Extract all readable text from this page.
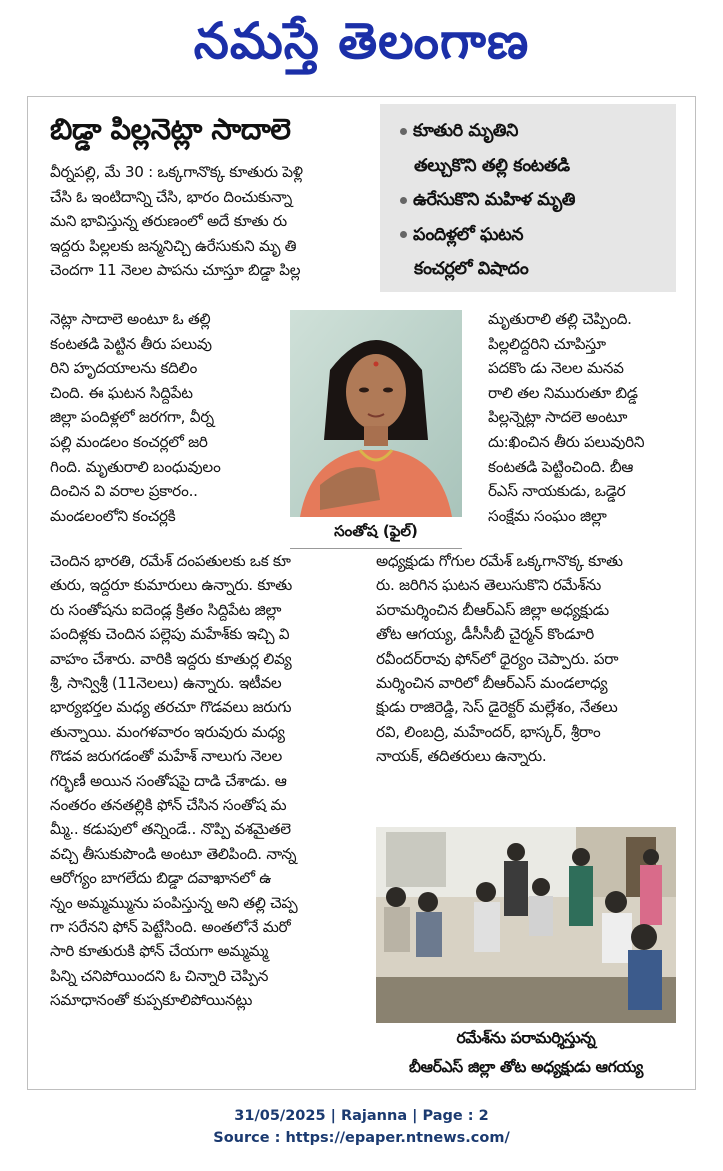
నమస్తే తెలంగాణ
బిడ్డా పిల్లనెట్లా సాదాలె	కూతురి మృతిని
తల్చుకొని తల్లి కంటతడి
ఉరేసుకొని మహిళ మృతి
పందిళ్లలో ఘటన
కంచర్లలో విషాదం
వీర్నపల్లి, మే 30 : ఒక్కగానొక్క కూతురు పెళ్లి
చేసి ఓ ఇంటిదాన్ని చేసి, భారం దించుకున్నా
మని భావిస్తున్న తరుణంలో అదే కూతు రు
ఇద్దరు పిల్లలకు జన్మనిచ్చి ఉరేసుకుని మృ తి
చెందగా 11 నెలల పాపను చూస్తూ బిడ్డా పిల్ల
నెట్లా సాదాలె అంటూ ఓ తల్లి
కంటతడి పెట్టిన తీరు పలువు
రిని హృదయాలను కదిలిం
చింది. ఈ ఘటన సిద్దిపేట
జిల్లా పందిళ్లలో జరగగా, వీర్న
పల్లి మండలం కంచర్లలో జరి
గింది. మృతురాలి బంధువులం
దించిన వి వరాల ప్రకారం..
మండలంలోని కంచర్లకి
చెందిన భారతి, రమేశ్ దంపతులకు ఒక కూ
తురు, ఇద్దరూ కుమారులు ఉన్నారు. కూతు
రు సంతోషను ఐదెండ్ల క్రితం సిద్దిపేట జిల్లా
పందిళ్లకు చెందిన పల్లెపు మహేశ్‌కు ఇచ్చి వి
వాహం చేశారు. వారికి ఇద్దరు కూతుర్ల లివ్య
శ్రీ, సాన్విశ్రీ (11నెలలు) ఉన్నారు. ఇటీవల
భార్యభర్తల మధ్య తరచూ గొడవలు జరుగు
తున్నాయి. మంగళవారం ఇరువురు మధ్య
గొడవ జరుగడంతో మహేశ్ నాలుగు నెలల
గర్భిణీ అయిన సంతోషపై దాడి చేశాడు. ఆ
నంతరం తనతల్లికి ఫోన్ చేసిన సంతోష మ
మ్మీ.. కడుపులో తన్నిండే.. నొప్పి వశమైతలె
వచ్చి తీసుకుపొండి అంటూ తెలిపింది. నాన్న
ఆరోగ్యం బాగలేదు బిడ్డా దవాఖానలో ఉ
న్నం అమ్మమ్మును పంపిస్తున్న అని తల్లి చెప్ప
గా సరేనని ఫోన్ పెట్టేసింది. అంతలోనే మరో
సారి కూతురుకి ఫోన్ చేయగా అమ్మమ్మ
పిన్ని చనిపోయిందని ఓ చిన్నారి చెప్పిన
సమాధానంతో కుప్పకూలిపోయినట్లు
మృతురాలి తల్లి చెప్పింది.
పిల్లలిద్దరిని చూపిస్తూ
పదకొం డు నెలల మనవ
రాలి తల నిమురుతూ బిడ్డ
పిల్లన్నెట్లా సాదలె అంటూ
దు:ఖించిన తీరు పలువురిని
కంటతడి పెట్టించింది. బీఆ
ర్ఎస్ నాయకుడు, ఒడ్డెర
సంక్షేమ సంఘం జిల్లా
అధ్యక్షుడు గోగుల రమేశ్ ఒక్కగానొక్క కూతు
రు. జరిగిన ఘటన తెలుసుకొని రమేశ్‌ను
పరామర్శించిన బీఆర్ఎస్ జిల్లా అధ్యక్షుడు
తోట ఆగయ్య, డీసీసీబీ చైర్మన్ కొండూరి
రవీందర్‌రావు ఫోన్‌లో ధైర్యం చెప్పారు. పరా
మర్శించిన వారిలో బీఆర్ఎస్ మండలాధ్య
క్షుడు రాజిరెడ్డి, సెస్ డైరెక్టర్ మల్లేశం, నేతలు
రవి, లింబద్రి, మహేందర్, భాస్కర్, శ్రీరాం
నాయక్, తదితరులు ఉన్నారు.
సంతోష (ఫైల్)
రమేశ్‌ను పరామర్శిస్తున్న
బీఆర్ఎస్ జిల్లా తోట అధ్యక్షుడు ఆగయ్య
31/05/2025 | Rajanna | Page : 2
Source : https://epaper.ntnews.com/
